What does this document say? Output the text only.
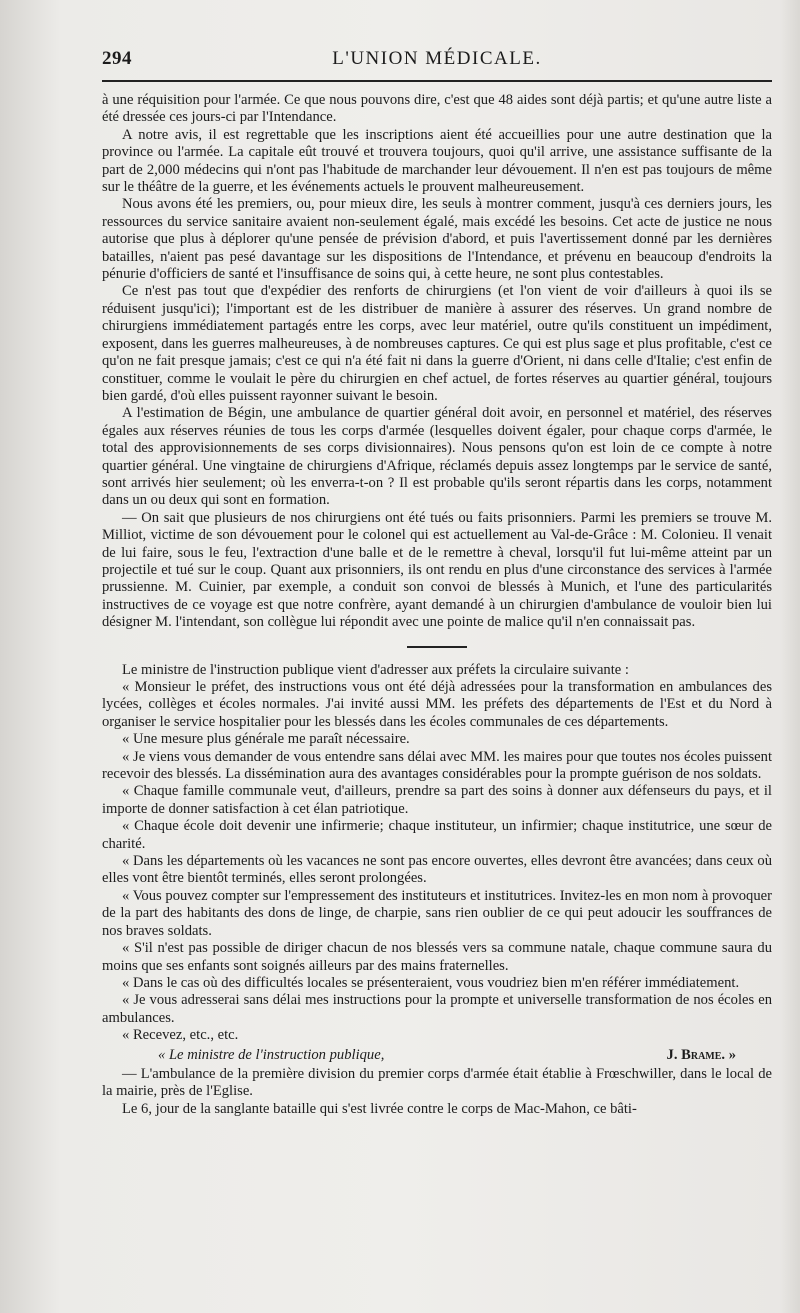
294	L'UNION MÉDICALE.

à une réquisition pour l'armée. Ce que nous pouvons dire, c'est que 48 aides sont déjà partis; et qu'une autre liste a été dressée ces jours-ci par l'Intendance.

A notre avis, il est regrettable que les inscriptions aient été accueillies pour une autre destination que la province ou l'armée. La capitale eût trouvé et trouvera toujours, quoi qu'il arrive, une assistance suffisante de la part de 2,000 médecins qui n'ont pas l'habitude de marchander leur dévouement. Il n'en est pas toujours de même sur le théâtre de la guerre, et les événements actuels le prouvent malheureusement.

Nous avons été les premiers, ou, pour mieux dire, les seuls à montrer comment, jusqu'à ces derniers jours, les ressources du service sanitaire avaient non-seulement égalé, mais excédé les besoins. Cet acte de justice ne nous autorise que plus à déplorer qu'une pensée de prévision d'abord, et puis l'avertissement donné par les dernières batailles, n'aient pas pesé davantage sur les dispositions de l'Intendance, et prévenu en beaucoup d'endroits la pénurie d'officiers de santé et l'insuffisance de soins qui, à cette heure, ne sont plus contestables.

Ce n'est pas tout que d'expédier des renforts de chirurgiens (et l'on vient de voir d'ailleurs à quoi ils se réduisent jusqu'ici); l'important est de les distribuer de manière à assurer des réserves. Un grand nombre de chirurgiens immédiatement partagés entre les corps, avec leur matériel, outre qu'ils constituent un impédiment, exposent, dans les guerres malheureuses, à de nombreuses captures. Ce qui est plus sage et plus profitable, c'est ce qu'on ne fait presque jamais; c'est ce qui n'a été fait ni dans la guerre d'Orient, ni dans celle d'Italie; c'est enfin de constituer, comme le voulait le père du chirurgien en chef actuel, de fortes réserves au quartier général, toujours bien gardé, d'où elles puissent rayonner suivant le besoin.

A l'estimation de Bégin, une ambulance de quartier général doit avoir, en personnel et matériel, des réserves égales aux réserves réunies de tous les corps d'armée (lesquelles doivent égaler, pour chaque corps d'armée, le total des approvisionnements de ses corps divisionnaires). Nous pensons qu'on est loin de ce compte à notre quartier général. Une vingtaine de chirurgiens d'Afrique, réclamés depuis assez longtemps par le service de santé, sont arrivés hier seulement; où les enverra-t-on ? Il est probable qu'ils seront répartis dans les corps, notamment dans un ou deux qui sont en formation.

— On sait que plusieurs de nos chirurgiens ont été tués ou faits prisonniers. Parmi les premiers se trouve M. Milliot, victime de son dévouement pour le colonel qui est actuellement au Val-de-Grâce : M. Colonieu. Il venait de lui faire, sous le feu, l'extraction d'une balle et de le remettre à cheval, lorsqu'il fut lui-même atteint par un projectile et tué sur le coup. Quant aux prisonniers, ils ont rendu en plus d'une circonstance des services à l'armée prussienne. M. Cuinier, par exemple, a conduit son convoi de blessés à Munich, et l'une des particularités instructives de ce voyage est que notre confrère, ayant demandé à un chirurgien d'ambulance de vouloir bien lui désigner M. l'intendant, son collègue lui répondit avec une pointe de malice qu'il n'en connaissait pas.

Le ministre de l'instruction publique vient d'adresser aux préfets la circulaire suivante :

« Monsieur le préfet, des instructions vous ont été déjà adressées pour la transformation en ambulances des lycées, collèges et écoles normales. J'ai invité aussi MM. les préfets des départements de l'Est et du Nord à organiser le service hospitalier pour les blessés dans les écoles communales de ces départements.

« Une mesure plus générale me paraît nécessaire.

« Je viens vous demander de vous entendre sans délai avec MM. les maires pour que toutes nos écoles puissent recevoir des blessés. La dissémination aura des avantages considérables pour la prompte guérison de nos soldats.

« Chaque famille communale veut, d'ailleurs, prendre sa part des soins à donner aux défenseurs du pays, et il importe de donner satisfaction à cet élan patriotique.

« Chaque école doit devenir une infirmerie; chaque instituteur, un infirmier; chaque institutrice, une sœur de charité.

« Dans les départements où les vacances ne sont pas encore ouvertes, elles devront être avancées; dans ceux où elles vont être bientôt terminés, elles seront prolongées.

« Vous pouvez compter sur l'empressement des instituteurs et institutrices. Invitez-les en mon nom à provoquer de la part des habitants des dons de linge, de charpie, sans rien oublier de ce qui peut adoucir les souffrances de nos braves soldats.

« S'il n'est pas possible de diriger chacun de nos blessés vers sa commune natale, chaque commune saura du moins que ses enfants sont soignés ailleurs par des mains fraternelles.

« Dans le cas où des difficultés locales se présenteraient, vous voudriez bien m'en référer immédiatement.

« Je vous adresserai sans délai mes instructions pour la prompte et universelle transformation de nos écoles en ambulances.

« Recevez, etc., etc.

« Le ministre de l'instruction publique,	J. Brame. »

— L'ambulance de la première division du premier corps d'armée était établie à Frœschwiller, dans le local de la mairie, près de l'Eglise.

Le 6, jour de la sanglante bataille qui s'est livrée contre le corps de Mac-Mahon, ce bâti-
